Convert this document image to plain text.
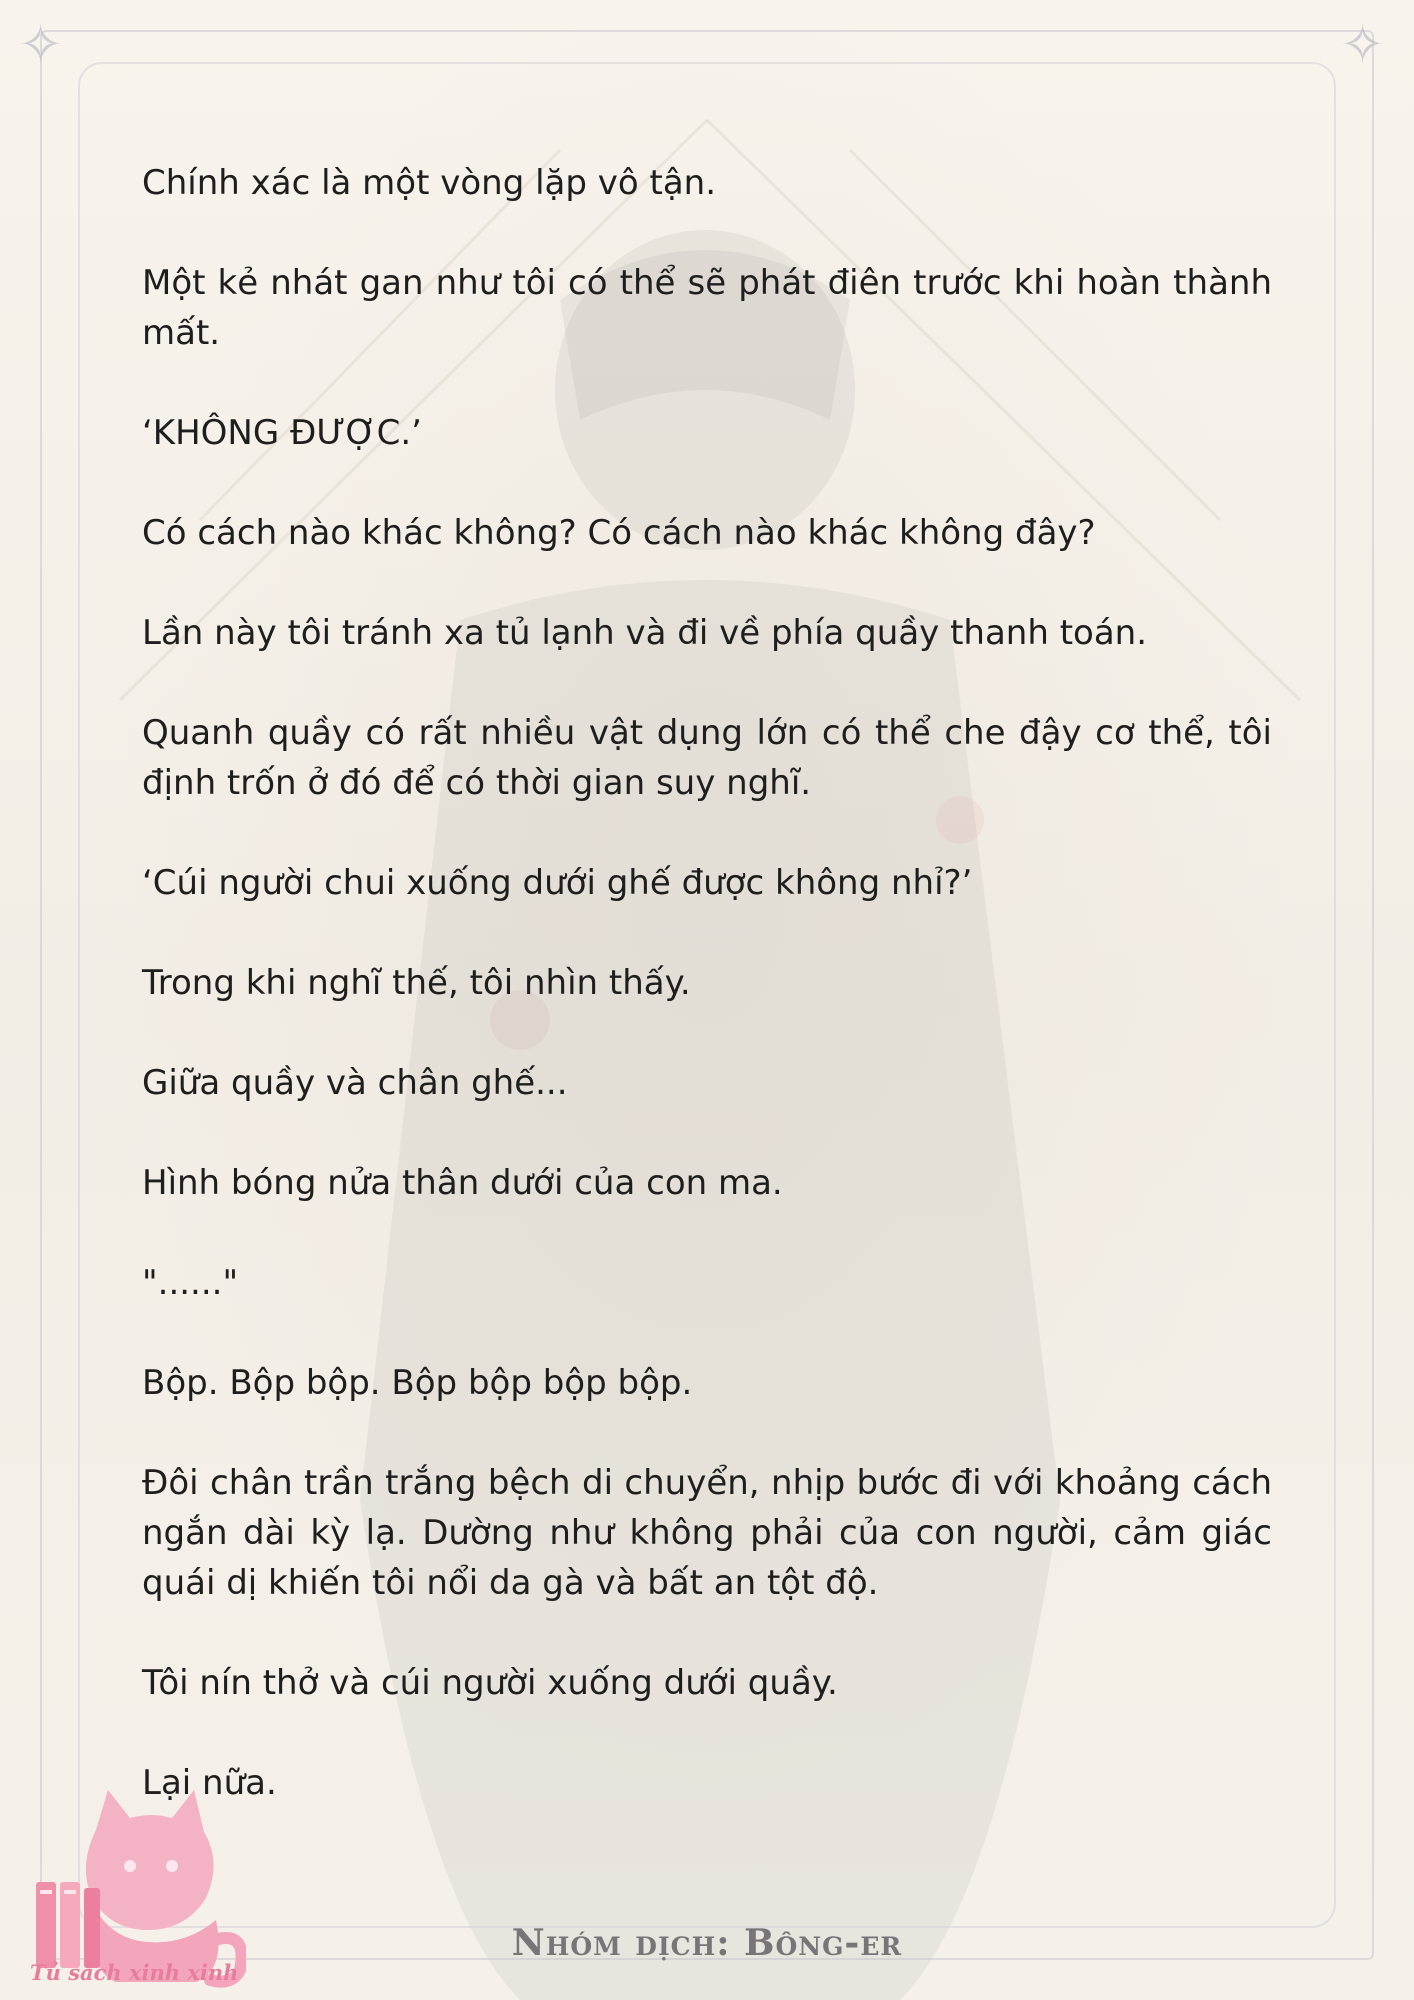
✧	✧

Chính xác là một vòng lặp vô tận.

Một kẻ nhát gan như tôi có thể sẽ phát điên trước khi hoàn thành mất.

‘KHÔNG ĐƯỢC.’

Có cách nào khác không? Có cách nào khác không đây?

Lần này tôi tránh xa tủ lạnh và đi về phía quầy thanh toán.

Quanh quầy có rất nhiều vật dụng lớn có thể che đậy cơ thể, tôi định trốn ở đó để có thời gian suy nghĩ.

‘Cúi người chui xuống dưới ghế được không nhỉ?’

Trong khi nghĩ thế, tôi nhìn thấy.

Giữa quầy và chân ghế...

Hình bóng nửa thân dưới của con ma.

"......"

Bộp. Bộp bộp. Bộp bộp bộp bộp.

Đôi chân trần trắng bệch di chuyển, nhịp bước đi với khoảng cách ngắn dài kỳ lạ. Dường như không phải của con người, cảm giác quái dị khiến tôi nổi da gà và bất an tột độ.

Tôi nín thở và cúi người xuống dưới quầy.

Lại nữa.

Tủ sách xinh xinh
Nhóm dịch: Bông-er
